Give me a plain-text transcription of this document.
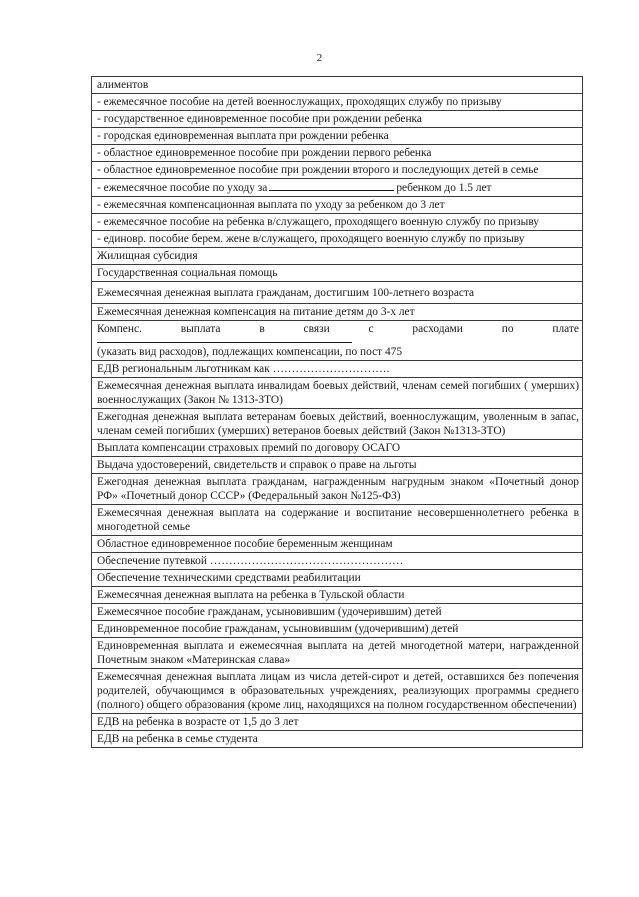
2
алиментов
- ежемесячное пособие на детей военнослужащих, проходящих службу по призыву
- государственное единовременное пособие при рождении ребенка
- городская единовременная выплата при рождении ребенка
- областное единовременное пособие при рождении первого ребенка
- областное единовременное пособие при рождении второго и последующих детей в семье
- ежемесячное пособие по уходу за	ребенком до 1.5 лет
- ежемесячная компенсационная выплата по уходу за ребенком до 3 лет
- ежемесячное пособие на ребенка в/служащего, проходящего военную службу по призыву
- единовр. пособие берем. жене в/служащего, проходящего военную службу по призыву
Жилищная субсидия
Государственная социальная помощь
Ежемесячная денежная выплата гражданам, достигшим 100-летнего возраста
Ежемесячная денежная компенсация на питание детям до 3-х лет

Компенс.	выплата	в	связи	с	расходами	по	плате
(указать вид расходов), подлежащих компенсации, по пост 475

ЕДВ региональным льготникам как ………………………….
Ежемесячная денежная выплата инвалидам боевых действий, членам семей погибших ( умерших) военнослужащих (Закон № 1313-ЗТО)
Ежегодная денежная выплата ветеранам боевых действий, военнослужащим, уволенным в запас, членам семей погибших (умерших) ветеранов боевых действий (Закон №1313-ЗТО)
Выплата компенсации страховых премий по договору ОСАГО
Выдача удостоверений, свидетельств и справок о праве на льготы
Ежегодная денежная выплата гражданам, награжденным нагрудным знаком «Почетный донор РФ» «Почетный донор СССР» (Федеральный закон №125-ФЗ)
Ежемесячная денежная выплата на содержание и воспитание несовершеннолетнего ребенка в многодетной семье
Областное единовременное пособие беременным женщинам
Обеспечение путевкой ……………………………………………
Обеспечение техническими средствами реабилитации
Ежемесячная денежная выплата на ребенка в Тульской области
Ежемесячное пособие гражданам, усыновившим (удочерившим) детей
Единовременное пособие гражданам, усыновившим (удочерившим) детей
Единовременная выплата и ежемесячная выплата на детей многодетной матери, награжденной Почетным знаком «Материнская слава»
Ежемесячная денежная выплата лицам из числа детей-сирот и детей, оставшихся без попечения родителей, обучающимся в образовательных учреждениях, реализующих программы среднего (полного) общего образования (кроме лиц, находящихся на полном государственном обеспечении)
ЕДВ на ребенка в возрасте от 1,5 до 3 лет
ЕДВ на ребенка в семье студента
